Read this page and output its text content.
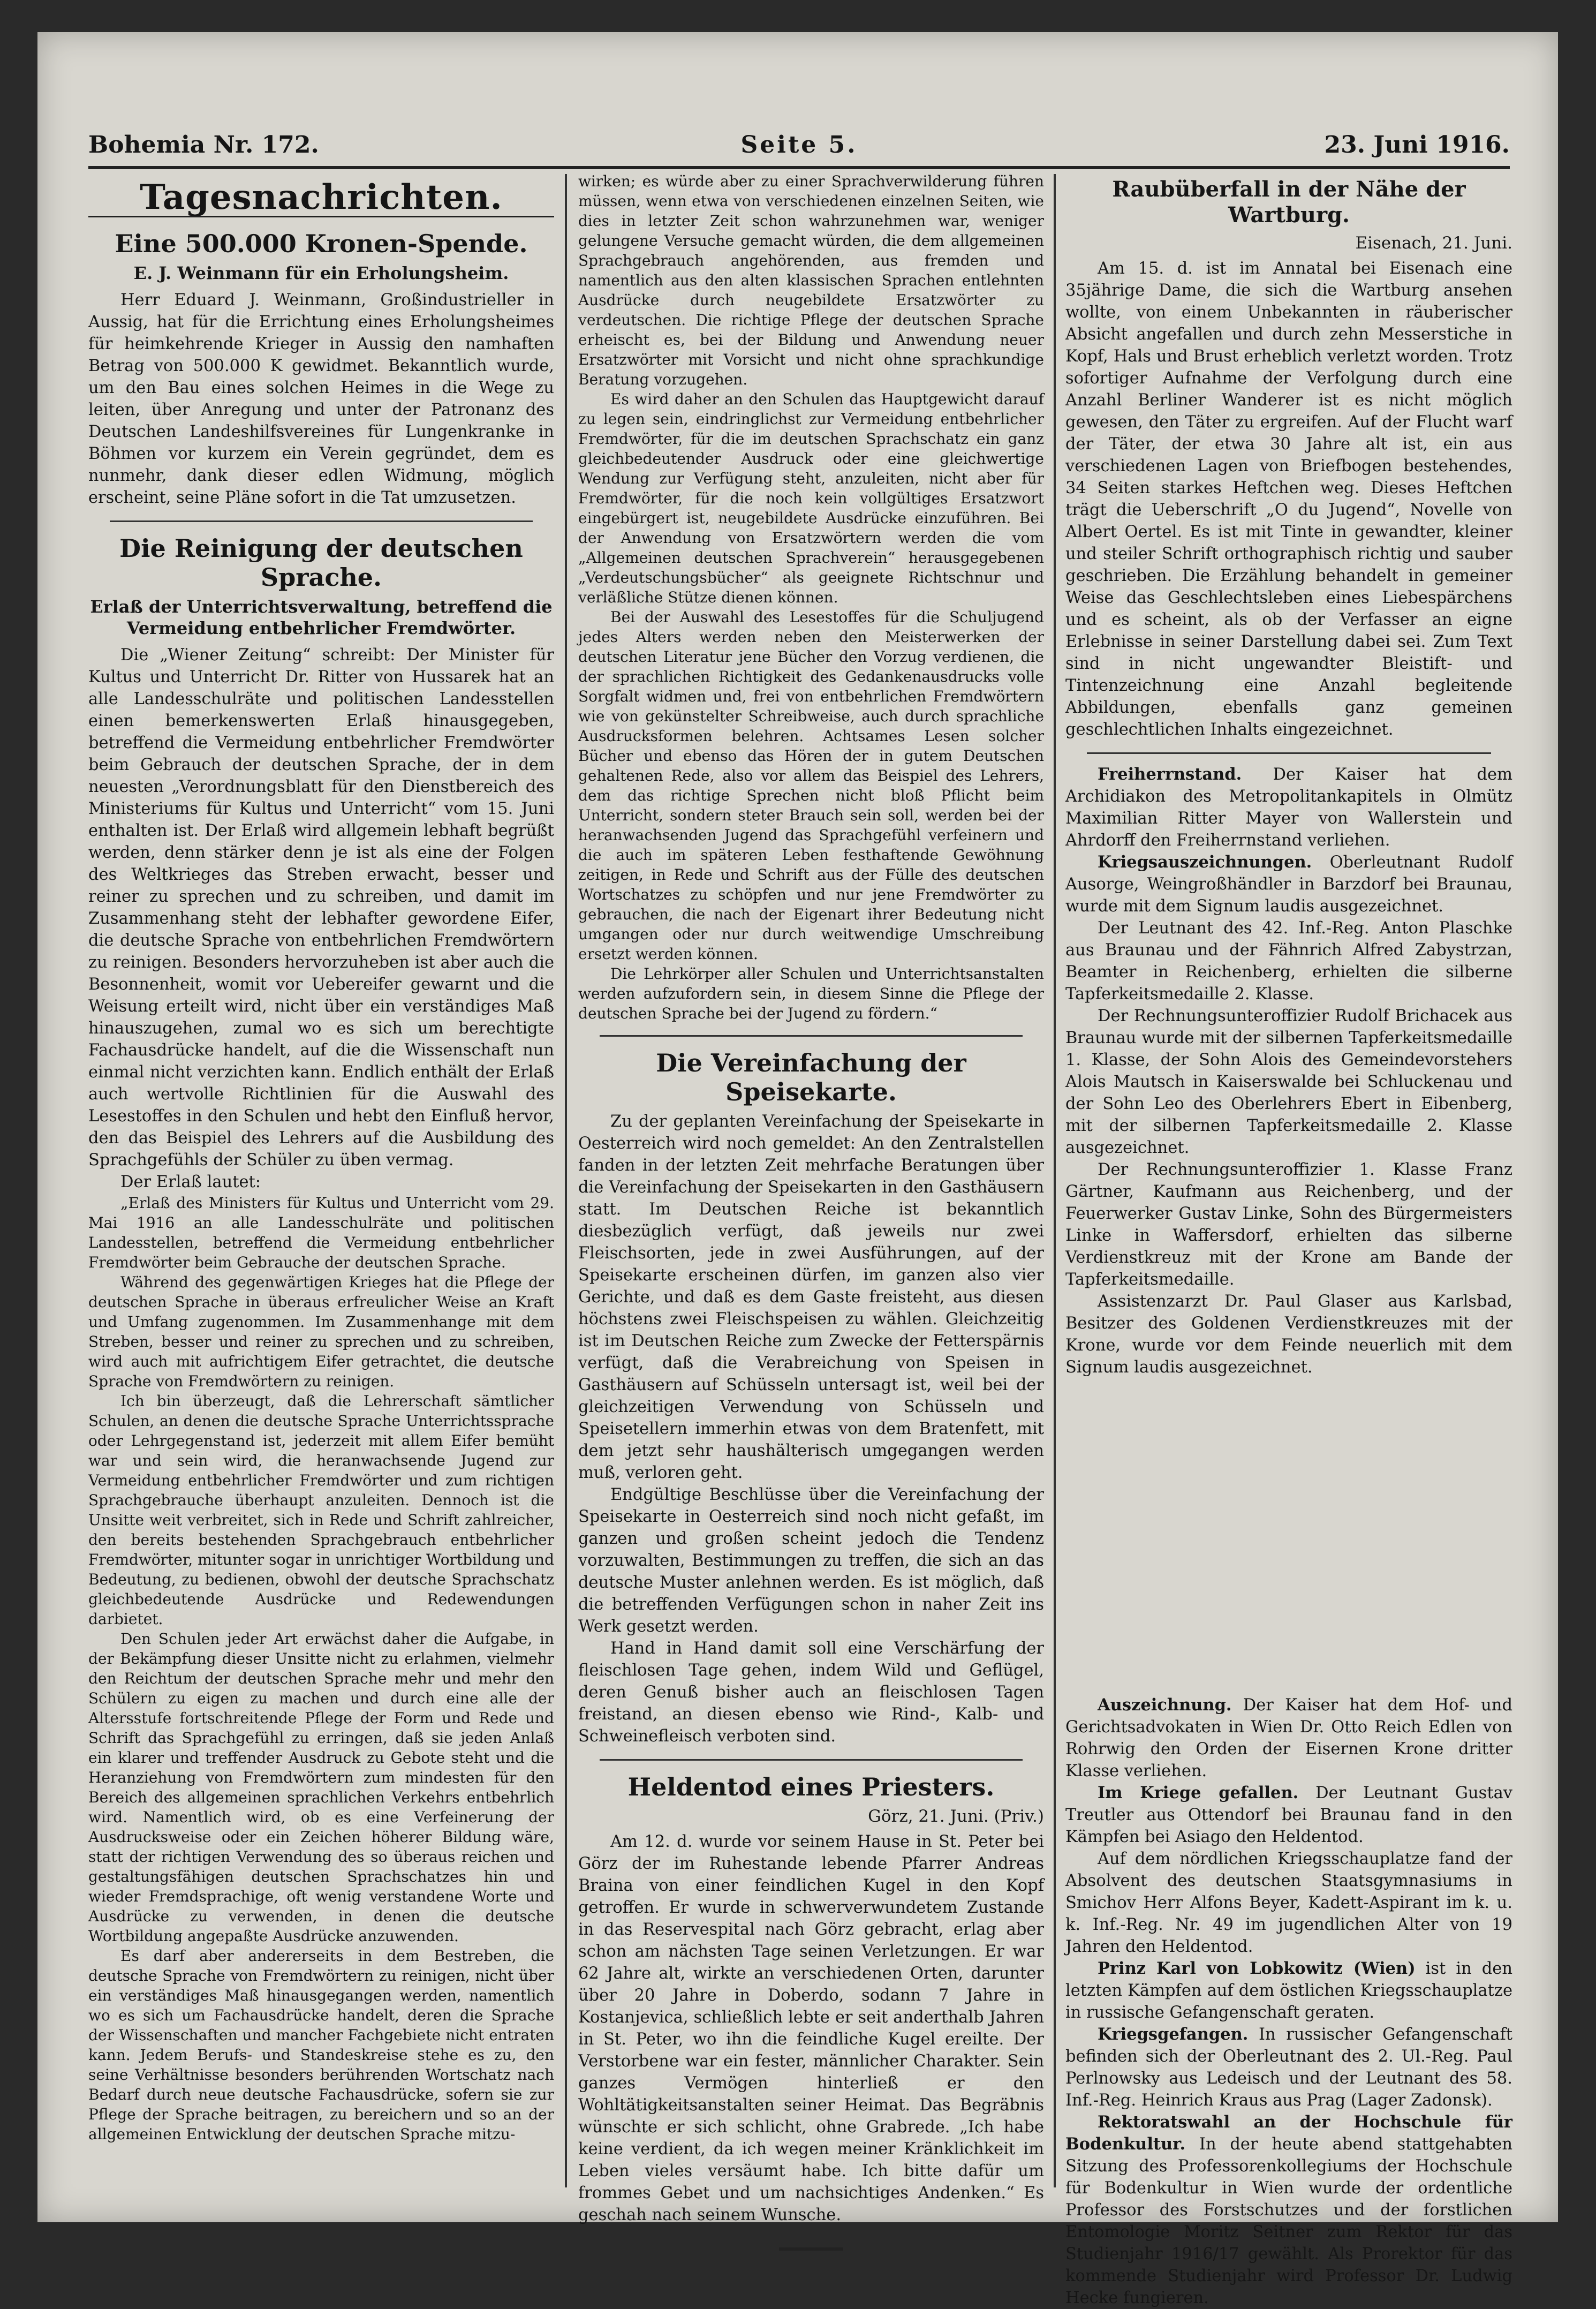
Bohemia Nr. 172.	Seite 5.	23. Juni 1916.
Tagesnachrichten.
Eine 500.000 Kronen-Spende.
E. J. Weinmann für ein Erholungsheim.

Herr Eduard J. Weinmann, Großindustrieller in Aussig, hat für die Errichtung eines Erholungsheimes für heimkehrende Krieger in Aussig den namhaften Betrag von 500.000 K gewidmet. Bekanntlich wurde, um den Bau eines solchen Heimes in die Wege zu leiten, über Anregung und unter der Patronanz des Deutschen Landeshilfsvereines für Lungenkranke in Böhmen vor kurzem ein Verein gegründet, dem es nunmehr, dank dieser edlen Widmung, möglich erscheint, seine Pläne sofort in die Tat umzusetzen.

Die Reinigung der deutschen Sprache.
Erlaß der Unterrichtsverwaltung, betreffend die Vermeidung entbehrlicher Fremdwörter.

Die „Wiener Zeitung“ schreibt: Der Minister für Kultus und Unterricht Dr. Ritter von Hussarek hat an alle Landesschulräte und politischen Landesstellen einen bemerkenswerten Erlaß hinausgegeben, betreffend die Vermeidung entbehrlicher Fremdwörter beim Gebrauch der deutschen Sprache, der in dem neuesten „Verordnungsblatt für den Dienstbereich des Ministeriums für Kultus und Unterricht“ vom 15. Juni enthalten ist. Der Erlaß wird allgemein lebhaft begrüßt werden, denn stärker denn je ist als eine der Folgen des Weltkrieges das Streben erwacht, besser und reiner zu sprechen und zu schreiben, und damit im Zusammenhang steht der lebhafter gewordene Eifer, die deutsche Sprache von entbehrlichen Fremdwörtern zu reinigen. Besonders hervorzuheben ist aber auch die Besonnenheit, womit vor Uebereifer gewarnt und die Weisung erteilt wird, nicht über ein verständiges Maß hinauszugehen, zumal wo es sich um berechtigte Fachausdrücke handelt, auf die die Wissenschaft nun einmal nicht verzichten kann. Endlich enthält der Erlaß auch wertvolle Richtlinien für die Auswahl des Lesestoffes in den Schulen und hebt den Einfluß hervor, den das Beispiel des Lehrers auf die Ausbildung des Sprachgefühls der Schüler zu üben vermag.

Der Erlaß lautet:

„Erlaß des Ministers für Kultus und Unterricht vom 29. Mai 1916 an alle Landesschulräte und politischen Landesstellen, betreffend die Vermeidung entbehrlicher Fremdwörter beim Gebrauche der deutschen Sprache.

Während des gegenwärtigen Krieges hat die Pflege der deutschen Sprache in überaus erfreulicher Weise an Kraft und Umfang zugenommen. Im Zusammenhange mit dem Streben, besser und reiner zu sprechen und zu schreiben, wird auch mit aufrichtigem Eifer getrachtet, die deutsche Sprache von Fremdwörtern zu reinigen.

Ich bin überzeugt, daß die Lehrerschaft sämtlicher Schulen, an denen die deutsche Sprache Unterrichtssprache oder Lehrgegenstand ist, jederzeit mit allem Eifer bemüht war und sein wird, die heranwachsende Jugend zur Vermeidung entbehrlicher Fremdwörter und zum richtigen Sprachgebrauche überhaupt anzuleiten. Dennoch ist die Unsitte weit verbreitet, sich in Rede und Schrift zahlreicher, den bereits bestehenden Sprachgebrauch entbehrlicher Fremdwörter, mitunter sogar in unrichtiger Wortbildung und Bedeutung, zu bedienen, obwohl der deutsche Sprachschatz gleichbedeutende Ausdrücke und Redewendungen darbietet.

Den Schulen jeder Art erwächst daher die Aufgabe, in der Bekämpfung dieser Unsitte nicht zu erlahmen, vielmehr den Reichtum der deutschen Sprache mehr und mehr den Schülern zu eigen zu machen und durch eine alle der Altersstufe fortschreitende Pflege der Form und Rede und Schrift das Sprachgefühl zu erringen, daß sie jeden Anlaß ein klarer und treffender Ausdruck zu Gebote steht und die Heranziehung von Fremdwörtern zum mindesten für den Bereich des allgemeinen sprachlichen Verkehrs entbehrlich wird. Namentlich wird, ob es eine Verfeinerung der Ausdrucksweise oder ein Zeichen höherer Bildung wäre, statt der richtigen Verwendung des so überaus reichen und gestaltungsfähigen deutschen Sprachschatzes hin und wieder Fremdsprachige, oft wenig verstandene Worte und Ausdrücke zu verwenden, in denen die deutsche Wortbildung angepaßte Ausdrücke anzuwenden.

Es darf aber andererseits in dem Bestreben, die deutsche Sprache von Fremdwörtern zu reinigen, nicht über ein verständiges Maß hinausgegangen werden, namentlich wo es sich um Fachausdrücke handelt, deren die Sprache der Wissenschaften und mancher Fachgebiete nicht entraten kann. Jedem Berufs- und Standeskreise stehe es zu, den seine Verhältnisse besonders berührenden Wortschatz nach Bedarf durch neue deutsche Fachausdrücke, sofern sie zur Pflege der Sprache beitragen, zu bereichern und so an der allgemeinen Entwicklung der deutschen Sprache mitzu-

wirken; es würde aber zu einer Sprachverwilderung führen müssen, wenn etwa von verschiedenen einzelnen Seiten, wie dies in letzter Zeit schon wahrzunehmen war, weniger gelungene Versuche gemacht würden, die dem allgemeinen Sprachgebrauch angehörenden, aus fremden und namentlich aus den alten klassischen Sprachen entlehnten Ausdrücke durch neugebildete Ersatzwörter zu verdeutschen. Die richtige Pflege der deutschen Sprache erheischt es, bei der Bildung und Anwendung neuer Ersatzwörter mit Vorsicht und nicht ohne sprachkundige Beratung vorzugehen.

Es wird daher an den Schulen das Hauptgewicht darauf zu legen sein, eindringlichst zur Vermeidung entbehrlicher Fremdwörter, für die im deutschen Sprachschatz ein ganz gleichbedeutender Ausdruck oder eine gleichwertige Wendung zur Verfügung steht, anzuleiten, nicht aber für Fremdwörter, für die noch kein vollgültiges Ersatzwort eingebürgert ist, neugebildete Ausdrücke einzuführen. Bei der Anwendung von Ersatzwörtern werden die vom „Allgemeinen deutschen Sprachverein“ herausgegebenen „Verdeutschungsbücher“ als geeignete Richtschnur und verläßliche Stütze dienen können.

Bei der Auswahl des Lesestoffes für die Schuljugend jedes Alters werden neben den Meisterwerken der deutschen Literatur jene Bücher den Vorzug verdienen, die der sprachlichen Richtigkeit des Gedankenausdrucks volle Sorgfalt widmen und, frei von entbehrlichen Fremdwörtern wie von gekünstelter Schreibweise, auch durch sprachliche Ausdrucksformen belehren. Achtsames Lesen solcher Bücher und ebenso das Hören der in gutem Deutschen gehaltenen Rede, also vor allem das Beispiel des Lehrers, dem das richtige Sprechen nicht bloß Pflicht beim Unterricht, sondern steter Brauch sein soll, werden bei der heranwachsenden Jugend das Sprachgefühl verfeinern und die auch im späteren Leben festhaftende Gewöhnung zeitigen, in Rede und Schrift aus der Fülle des deutschen Wortschatzes zu schöpfen und nur jene Fremdwörter zu gebrauchen, die nach der Eigenart ihrer Bedeutung nicht umgangen oder nur durch weitwendige Umschreibung ersetzt werden können.

Die Lehrkörper aller Schulen und Unterrichtsanstalten werden aufzufordern sein, in diesem Sinne die Pflege der deutschen Sprache bei der Jugend zu fördern.“

Die Vereinfachung der Speisekarte.

Zu der geplanten Vereinfachung der Speisekarte in Oesterreich wird noch gemeldet: An den Zentralstellen fanden in der letzten Zeit mehrfache Beratungen über die Vereinfachung der Speisekarten in den Gasthäusern statt. Im Deutschen Reiche ist bekanntlich diesbezüglich verfügt, daß jeweils nur zwei Fleischsorten, jede in zwei Ausführungen, auf der Speisekarte erscheinen dürfen, im ganzen also vier Gerichte, und daß es dem Gaste freisteht, aus diesen höchstens zwei Fleischspeisen zu wählen. Gleichzeitig ist im Deutschen Reiche zum Zwecke der Fetterspärnis verfügt, daß die Verabreichung von Speisen in Gasthäusern auf Schüsseln untersagt ist, weil bei der gleichzeitigen Verwendung von Schüsseln und Speisetellern immerhin etwas von dem Bratenfett, mit dem jetzt sehr haushälterisch umgegangen werden muß, verloren geht.

Endgültige Beschlüsse über die Vereinfachung der Speisekarte in Oesterreich sind noch nicht gefaßt, im ganzen und großen scheint jedoch die Tendenz vorzuwalten, Bestimmungen zu treffen, die sich an das deutsche Muster anlehnen werden. Es ist möglich, daß die betreffenden Verfügungen schon in naher Zeit ins Werk gesetzt werden.

Hand in Hand damit soll eine Verschärfung der fleischlosen Tage gehen, indem Wild und Geflügel, deren Genuß bisher auch an fleischlosen Tagen freistand, an diesen ebenso wie Rind-, Kalb- und Schweinefleisch verboten sind.

Heldentod eines Priesters.
Görz, 21. Juni. (Priv.)

Am 12. d. wurde vor seinem Hause in St. Peter bei Görz der im Ruhestande lebende Pfarrer Andreas Braina von einer feindlichen Kugel in den Kopf getroffen. Er wurde in schwerverwundetem Zustande in das Reservespital nach Görz gebracht, erlag aber schon am nächsten Tage seinen Verletzungen. Er war 62 Jahre alt, wirkte an verschiedenen Orten, darunter über 20 Jahre in Doberdo, sodann 7 Jahre in Kostanjevica, schließlich lebte er seit anderthalb Jahren in St. Peter, wo ihn die feindliche Kugel ereilte. Der Verstorbene war ein fester, männlicher Charakter. Sein ganzes Vermögen hinterließ er den Wohltätigkeitsanstalten seiner Heimat. Das Begräbnis wünschte er sich schlicht, ohne Grabrede. „Ich habe keine verdient, da ich wegen meiner Kränklichkeit im Leben vieles versäumt habe. Ich bitte dafür um frommes Gebet und um nachsichtiges Andenken.“ Es geschah nach seinem Wunsche.

Raubüberfall in der Nähe der Wartburg.
Eisenach, 21. Juni.

Am 15. d. ist im Annatal bei Eisenach eine 35jährige Dame, die sich die Wartburg ansehen wollte, von einem Unbekannten in räuberischer Absicht angefallen und durch zehn Messerstiche in Kopf, Hals und Brust erheblich verletzt worden. Trotz sofortiger Aufnahme der Verfolgung durch eine Anzahl Berliner Wanderer ist es nicht möglich gewesen, den Täter zu ergreifen. Auf der Flucht warf der Täter, der etwa 30 Jahre alt ist, ein aus verschiedenen Lagen von Briefbogen bestehendes, 34 Seiten starkes Heftchen weg. Dieses Heftchen trägt die Ueberschrift „O du Jugend“, Novelle von Albert Oertel. Es ist mit Tinte in gewandter, kleiner und steiler Schrift orthographisch richtig und sauber geschrieben. Die Erzählung behandelt in gemeiner Weise das Geschlechtsleben eines Liebespärchens und es scheint, als ob der Verfasser an eigne Erlebnisse in seiner Darstellung dabei sei. Zum Text sind in nicht ungewandter Bleistift- und Tintenzeichnung eine Anzahl begleitende Abbildungen, ebenfalls ganz gemeinen geschlechtlichen Inhalts eingezeichnet.

Freiherrnstand. Der Kaiser hat dem Archidiakon des Metropolitankapitels in Olmütz Maximilian Ritter Mayer von Wallerstein und Ahrdorff den Freiherrnstand verliehen.

Kriegsauszeichnungen. Oberleutnant Rudolf Ausorge, Weingroßhändler in Barzdorf bei Braunau, wurde mit dem Signum laudis ausgezeichnet.

Der Leutnant des 42. Inf.-Reg. Anton Plaschke aus Braunau und der Fähnrich Alfred Zabystrzan, Beamter in Reichenberg, erhielten die silberne Tapferkeitsmedaille 2. Klasse.

Der Rechnungsunteroffizier Rudolf Brichacek aus Braunau wurde mit der silbernen Tapferkeitsmedaille 1. Klasse, der Sohn Alois des Gemeindevorstehers Alois Mautsch in Kaiserswalde bei Schluckenau und der Sohn Leo des Oberlehrers Ebert in Eibenberg, mit der silbernen Tapferkeitsmedaille 2. Klasse ausgezeichnet.

Der Rechnungsunteroffizier 1. Klasse Franz Gärtner, Kaufmann aus Reichenberg, und der Feuerwerker Gustav Linke, Sohn des Bürgermeisters Linke in Waffersdorf, erhielten das silberne Verdienstkreuz mit der Krone am Bande der Tapferkeitsmedaille.

Assistenzarzt Dr. Paul Glaser aus Karlsbad, Besitzer des Goldenen Verdienstkreuzes mit der Krone, wurde vor dem Feinde neuerlich mit dem Signum laudis ausgezeichnet.

Auszeichnung. Der Kaiser hat dem Hof- und Gerichtsadvokaten in Wien Dr. Otto Reich Edlen von Rohrwig den Orden der Eisernen Krone dritter Klasse verliehen.

Im Kriege gefallen. Der Leutnant Gustav Treutler aus Ottendorf bei Braunau fand in den Kämpfen bei Asiago den Heldentod.

Auf dem nördlichen Kriegsschauplatze fand der Absolvent des deutschen Staatsgymnasiums in Smichov Herr Alfons Beyer, Kadett-Aspirant im k. u. k. Inf.-Reg. Nr. 49 im jugendlichen Alter von 19 Jahren den Heldentod.

Prinz Karl von Lobkowitz (Wien) ist in den letzten Kämpfen auf dem östlichen Kriegsschauplatze in russische Gefangenschaft geraten.

Kriegsgefangen. In russischer Gefangenschaft befinden sich der Oberleutnant des 2. Ul.-Reg. Paul Perlnowsky aus Ledeisch und der Leutnant des 58. Inf.-Reg. Heinrich Kraus aus Prag (Lager Zadonsk).

Rektoratswahl an der Hochschule für Bodenkultur. In der heute abend stattgehabten Sitzung des Professorenkollegiums der Hochschule für Bodenkultur in Wien wurde der ordentliche Professor des Forstschutzes und der forstlichen Entomologie Moritz Seitner zum Rektor für das Studienjahr 1916/17 gewählt. Als Prorektor für das kommende Studienjahr wird Professor Dr. Ludwig Hecke fungieren.
